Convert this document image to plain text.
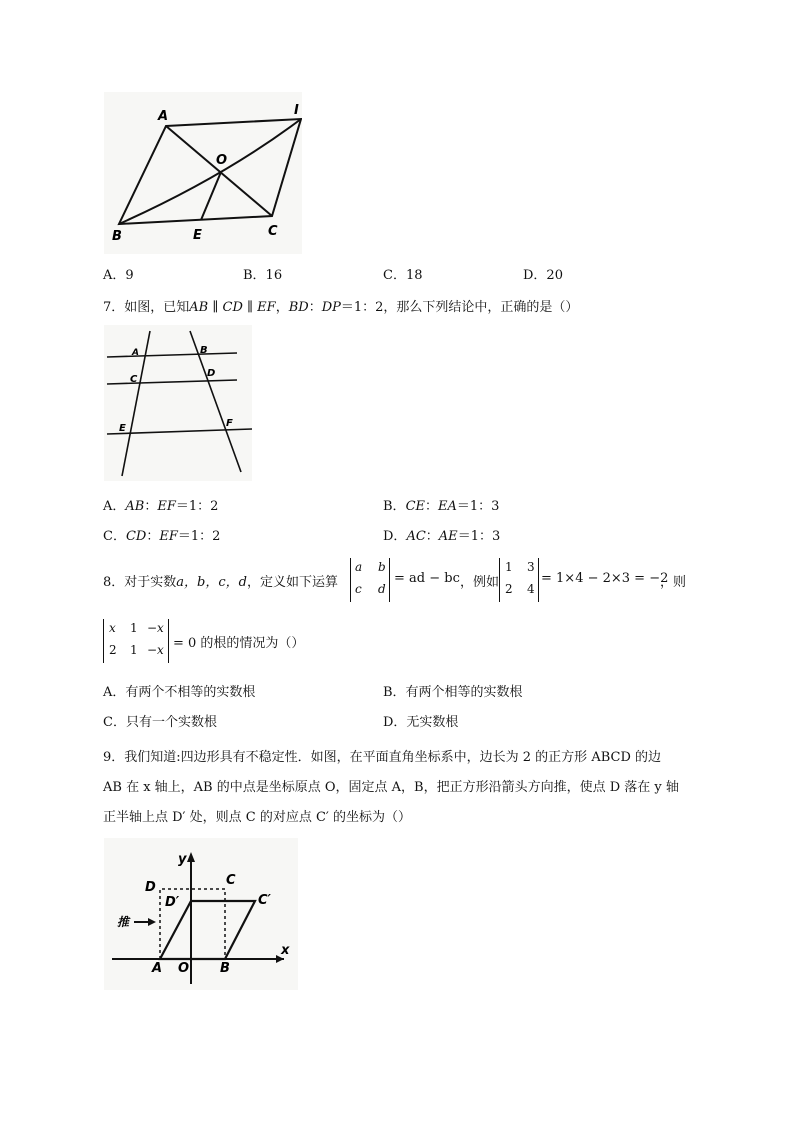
A	I
O
B	E	C
A．9	B．16	C．18	D．20
7．如图，已知AB ∥ CD ∥ EF，BD：DP＝1：2，那么下列结论中，正确的是（）
A	B
C
D
E	F
A．AB：EF＝1：2	B．CE：EA＝1：3
C．CD：EF＝1：2	D．AC：AE＝1：3
8．对于实数a，b，c，d，定义如下运算
a b
c d
= ad − bc ，例如
1 3
2 4
= 1×4 − 2×3 = −2
，则
x 1 −x
2 1 −x = 0 的根的情况为（）
A．有两个不相等的实数根	B．有两个相等的实数根
C．只有一个实数根	D．无实数根
9．我们知道:四边形具有不稳定性．如图，在平面直角坐标系中，边长为 2 的正方形 ABCD 的边
AB 在 x 轴上，AB 的中点是坐标原点 O，固定点 A，B，把正方形沿箭头方向推，使点 D 落在 y 轴
正半轴上点 D′ 处，则点 C 的对应点 C′ 的坐标为（）
y
x
D	C
D′	C′
推
A O B
